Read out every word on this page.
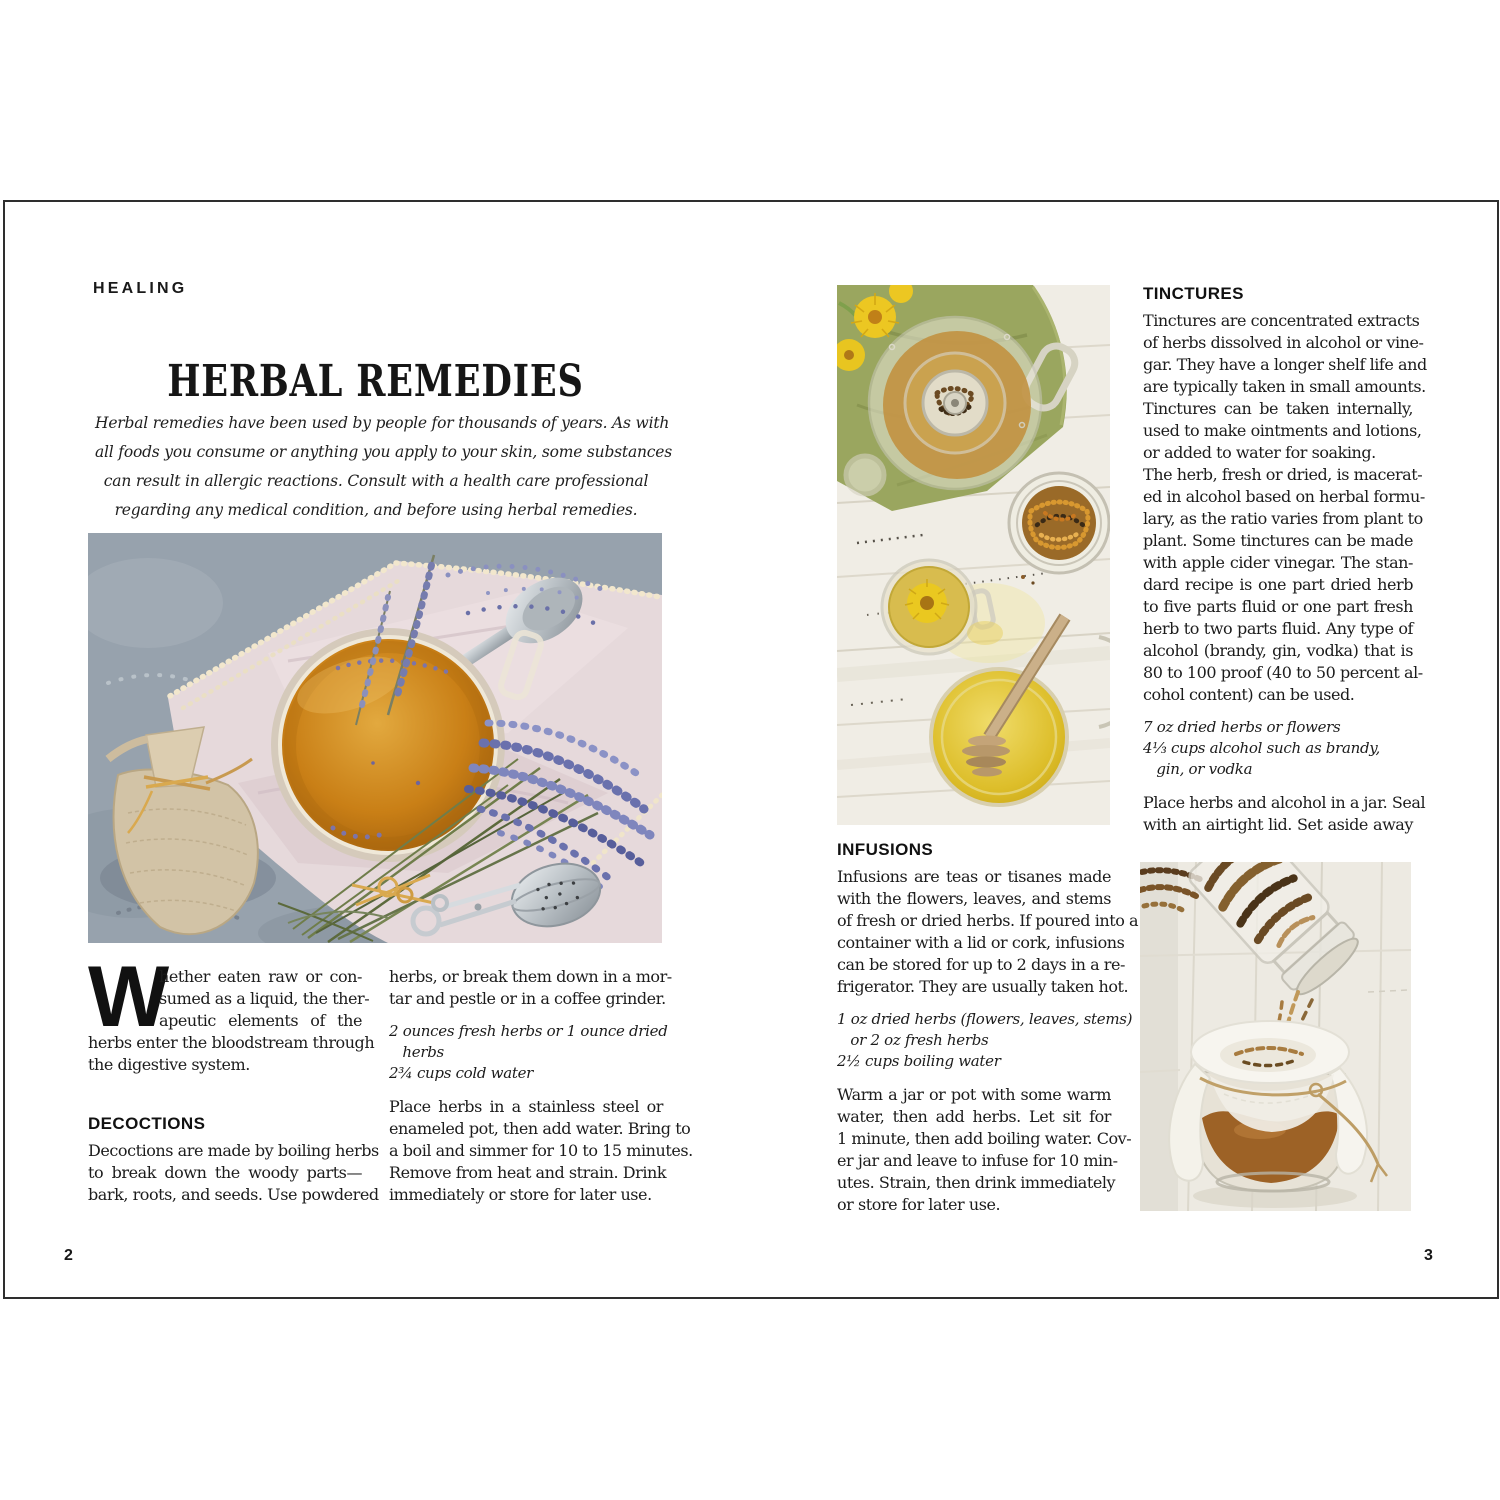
HEALING
HERBAL REMEDIES
Herbal remedies have been used by people for thousands of years. As with
all foods you consume or anything you apply to your skin, some substances
can result in allergic reactions. Consult with a health care professional
regarding any medical condition, and before using herbal remedies.
W
hether eaten raw or con-
sumed as a liquid, the ther-
apeutic elements of the
herbs enter the bloodstream through
the digestive system.
DECOCTIONS
Decoctions are made by boiling herbs
to break down the woody parts—
bark, roots, and seeds. Use powdered
herbs, or break them down in a mor-
tar and pestle or in a coffee grinder.
2 ounces fresh herbs or 1 ounce dried
herbs
2¾ cups cold water
Place herbs in a stainless steel or
enameled pot, then add water. Bring to
a boil and simmer for 10 to 15 minutes.
Remove from heat and strain. Drink
immediately or store for later use.
2
INFUSIONS
Infusions are teas or tisanes made
with the flowers, leaves, and stems
of fresh or dried herbs. If poured into a
container with a lid or cork, infusions
can be stored for up to 2 days in a re-
frigerator. They are usually taken hot.
1 oz dried herbs (flowers, leaves, stems)
or 2 oz fresh herbs
2½ cups boiling water
Warm a jar or pot with some warm
water, then add herbs. Let sit for
1 minute, then add boiling water. Cov-
er jar and leave to infuse for 10 min-
utes. Strain, then drink immediately
or store for later use.
TINCTURES
Tinctures are concentrated extracts
of herbs dissolved in alcohol or vine-
gar. They have a longer shelf life and
are typically taken in small amounts.
Tinctures can be taken internally,
used to make ointments and lotions,
or added to water for soaking.
The herb, fresh or dried, is macerat-
ed in alcohol based on herbal formu-
lary, as the ratio varies from plant to
plant. Some tinctures can be made
with apple cider vinegar. The stan-
dard recipe is one part dried herb
to five parts fluid or one part fresh
herb to two parts fluid. Any type of
alcohol (brandy, gin, vodka) that is
80 to 100 proof (40 to 50 percent al-
cohol content) can be used.
7 oz dried herbs or flowers
4⅓ cups alcohol such as brandy,
gin, or vodka
Place herbs and alcohol in a jar. Seal
with an airtight lid. Set aside away
3
